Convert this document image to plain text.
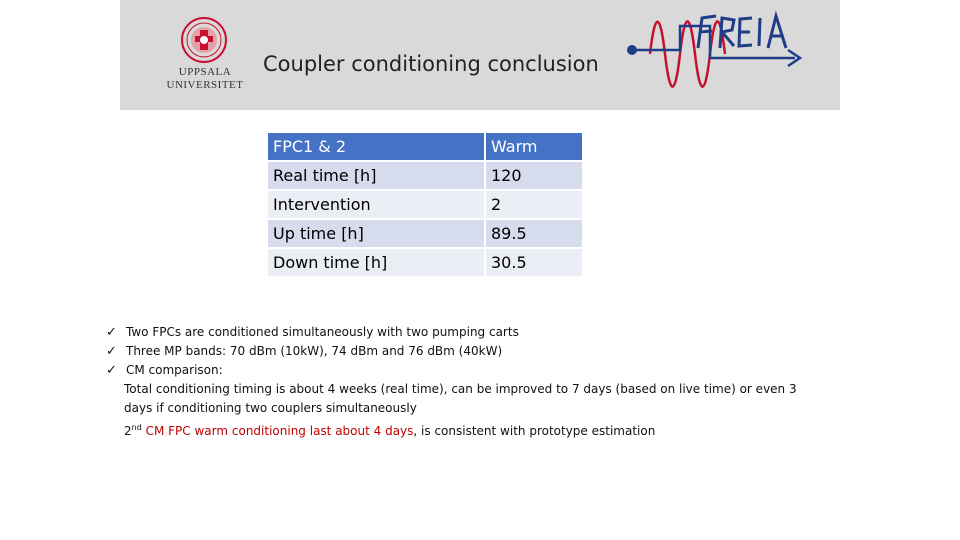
UPPSALA
UNIVERSITET
Coupler conditioning conclusion
FPC1 & 2	Warm
Real time [h]	120
Intervention	2
Up time [h]	89.5
Down time [h]	30.5
✓ Two FPCs are conditioned simultaneously with two pumping carts
✓ Three MP bands: 70 dBm (10kW), 74 dBm and 76 dBm (40kW)
✓ CM comparison:
Total conditioning timing is about 4 weeks (real time), can be improved to 7 days (based on live time) or even 3 days if conditioning two couplers simultaneously
2nd CM FPC warm conditioning last about 4 days, is consistent with prototype estimation
